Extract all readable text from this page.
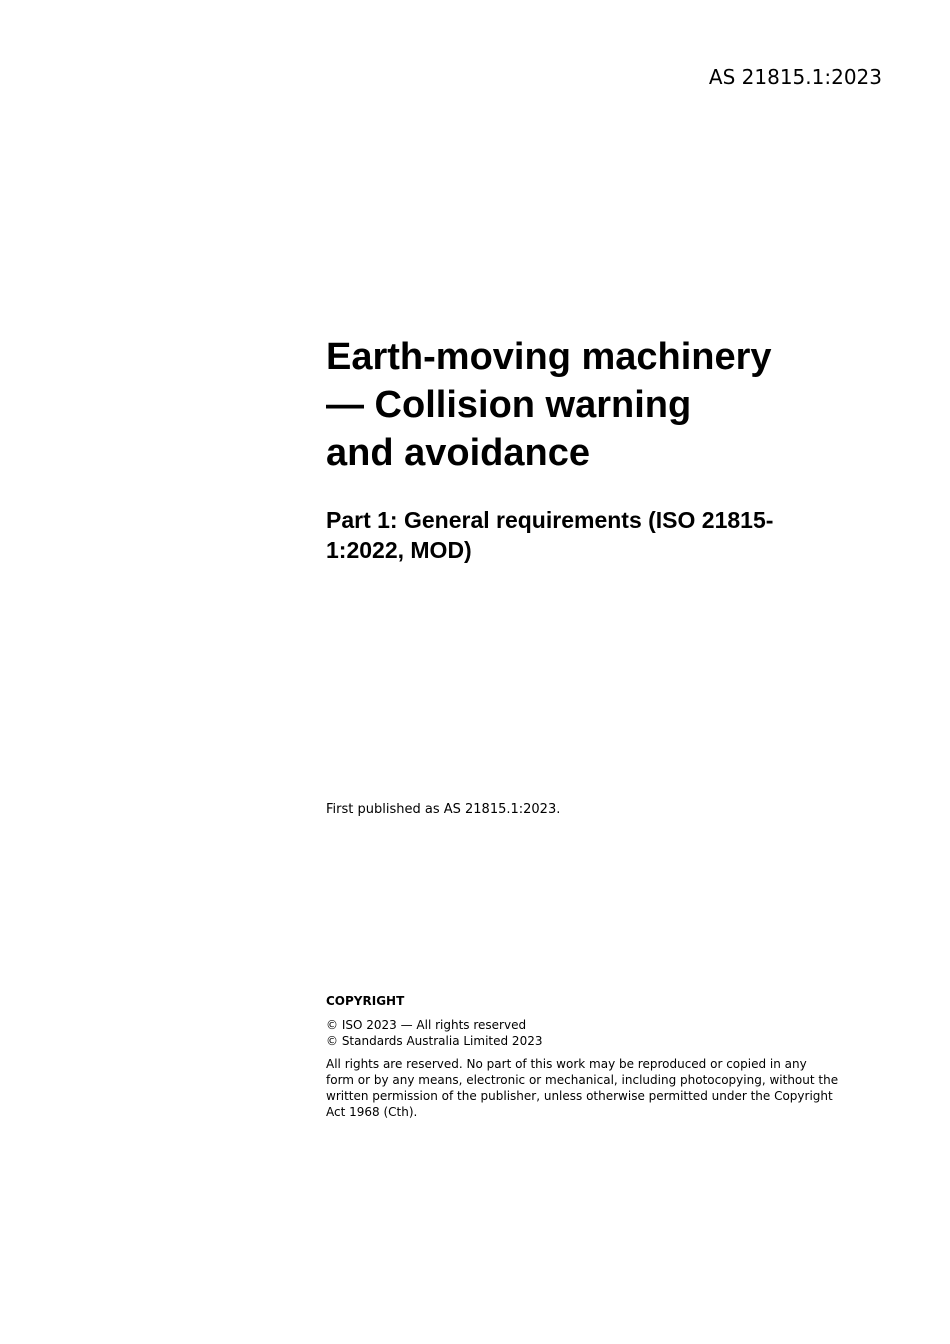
AS 21815.1:2023
Earth-moving machinery
— Collision warning
and avoidance
Part 1: General requirements (ISO 21815-
1:2022, MOD)
First published as AS 21815.1:2023.

COPYRIGHT

© ISO 2023 — All rights reserved
© Standards Australia Limited 2023

All rights are reserved. No part of this work may be reproduced or copied in any
form or by any means, electronic or mechanical, including photocopying, without the
written permission of the publisher, unless otherwise permitted under the Copyright
Act 1968 (Cth).
